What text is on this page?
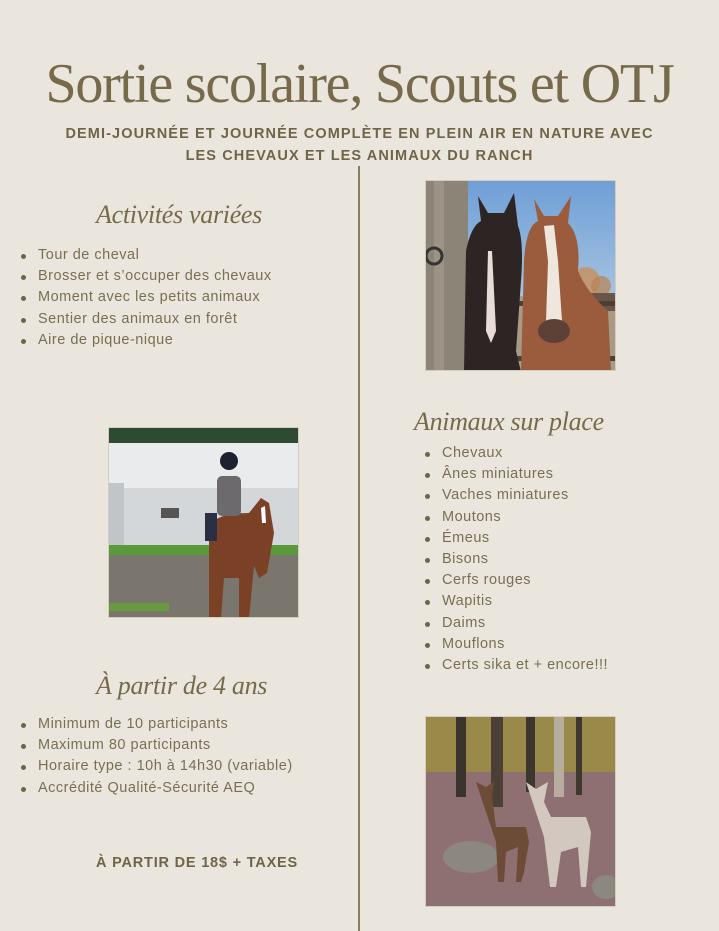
Sortie scolaire, Scouts et OTJ
DEMI-JOURNÉE ET JOURNÉE COMPLÈTE EN PLEIN AIR EN NATURE AVEC
LES CHEVAUX ET LES ANIMAUX DU RANCH
Activités variées
Tour de cheval
Brosser et s’occuper des chevaux
Moment avec les petits animaux
Sentier des animaux en forêt
Aire de pique-nique
Animaux sur place
Chevaux
Ânes miniatures
Vaches miniatures
Moutons
Émeus
Bisons
Cerfs rouges
Wapitis
Daims
Mouflons
Certs sika et + encore!!!
À partir de 4 ans
Minimum de 10 participants
Maximum 80 participants
Horaire type : 10h à 14h30 (variable)
Accrédité Qualité-Sécurité AEQ
À PARTIR DE 18$ + TAXES
